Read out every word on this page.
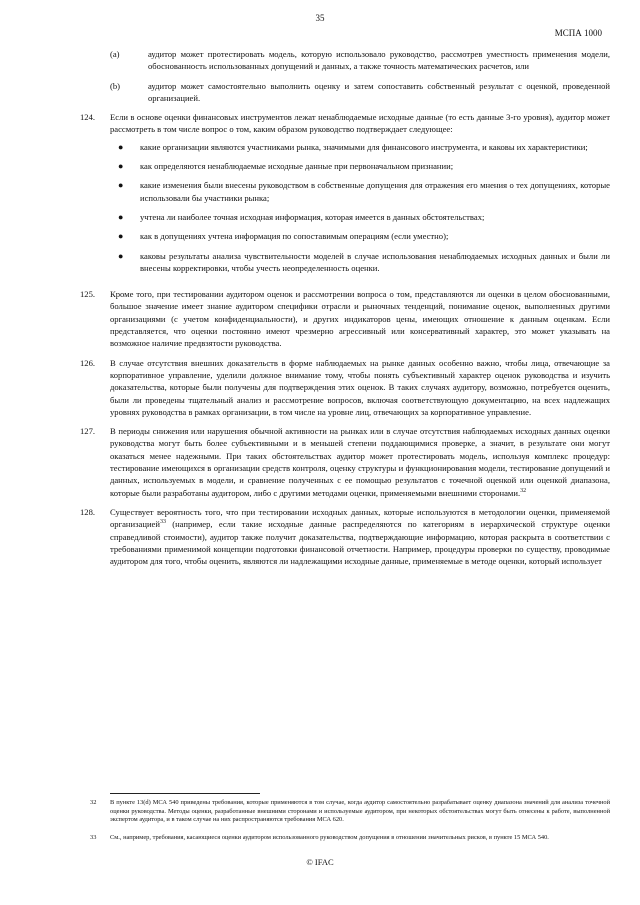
35
МСПА 1000
(a)	аудитор может протестировать модель, которую использовало руководство, рассмотрев уместность применения модели, обоснованность использованных допущений и данных, а также точность математических расчетов, или
(b)	аудитор может самостоятельно выполнить оценку и затем сопоставить собственный результат с оценкой, проведенной организацией.
124.	Если в основе оценки финансовых инструментов лежат ненаблюдаемые исходные данные (то есть данные 3-го уровня), аудитор может рассмотреть в том числе вопрос о том, каким образом руководство подтверждает следующее:
●	какие организации являются участниками рынка, значимыми для финансового инструмента, и каковы их характеристики;
●	как определяются ненаблюдаемые исходные данные при первоначальном признании;
●	какие изменения были внесены руководством в собственные допущения для отражения его мнения о тех допущениях, которые использовали бы участники рынка;
●	учтена ли наиболее точная исходная информация, которая имеется в данных обстоятельствах;
●	как в допущениях учтена информация по сопоставимым операциям (если уместно);
●	каковы результаты анализа чувствительности моделей в случае использования ненаблюдаемых исходных данных и были ли внесены корректировки, чтобы учесть неопределенность оценки.
125.	Кроме того, при тестировании аудитором оценок и рассмотрении вопроса о том, представляются ли оценки в целом обоснованными, большое значение имеет знание аудитором специфики отрасли и рыночных тенденций, понимание оценок, выполненных другими организациями (с учетом конфиденциальности), и других индикаторов цены, имеющих отношение к данным оценкам. Если представляется, что оценки постоянно имеют чрезмерно агрессивный или консервативный характер, это может указывать на возможное наличие предвзятости руководства.
126.	В случае отсутствия внешних доказательств в форме наблюдаемых на рынке данных особенно важно, чтобы лица, отвечающие за корпоративное управление, уделили должное внимание тому, чтобы понять субъективный характер оценок руководства и изучить доказательства, которые были получены для подтверждения этих оценок. В таких случаях аудитору, возможно, потребуется оценить, были ли проведены тщательный анализ и рассмотрение вопросов, включая соответствующую документацию, на всех надлежащих уровнях руководства в рамках организации, в том числе на уровне лиц, отвечающих за корпоративное управление.
127.	В периоды снижения или нарушения обычной активности на рынках или в случае отсутствия наблюдаемых исходных данных оценки руководства могут быть более субъективными и в меньшей степени поддающимися проверке, а значит, в результате они могут оказаться менее надежными. При таких обстоятельствах аудитор может протестировать модель, используя комплекс процедур: тестирование имеющихся в организации средств контроля, оценку структуры и функционирования модели, тестирование допущений и данных, используемых в модели, и сравнение полученных с ее помощью результатов с точечной оценкой или оценкой диапазона, которые были разработаны аудитором, либо с другими методами оценки, применяемыми внешними сторонами.$^{32}$
128.	Существует вероятность того, что при тестировании исходных данных, которые используются в методологии оценки, применяемой организацией$^{33}$ (например, если такие исходные данные распределяются по категориям в иерархической структуре оценки справедливой стоимости), аудитор также получит доказательства, подтверждающие информацию, которая раскрыта в соответствии с требованиями применимой концепции подготовки финансовой отчетности. Например, процедуры проверки по существу, проводимые аудитором для того, чтобы оценить, являются ли надлежащими исходные данные, применяемые в методе оценки, который использует
32	В пункте 13(d) МСА 540 приведены требования, которые применяются в том случае, когда аудитор самостоятельно разрабатывает оценку диапазона значений для анализа точечной оценки руководства. Методы оценки, разработанные внешними сторонами и используемые аудитором, при некоторых обстоятельствах могут быть отнесены к работе, выполненной экспертом аудитора, и в таком случае на них распространяются требования МСА 620.
33	См., например, требования, касающиеся оценки аудитором использованного руководством допущения в отношении значительных рисков, в пункте 15 МСА 540.
© IFAC
